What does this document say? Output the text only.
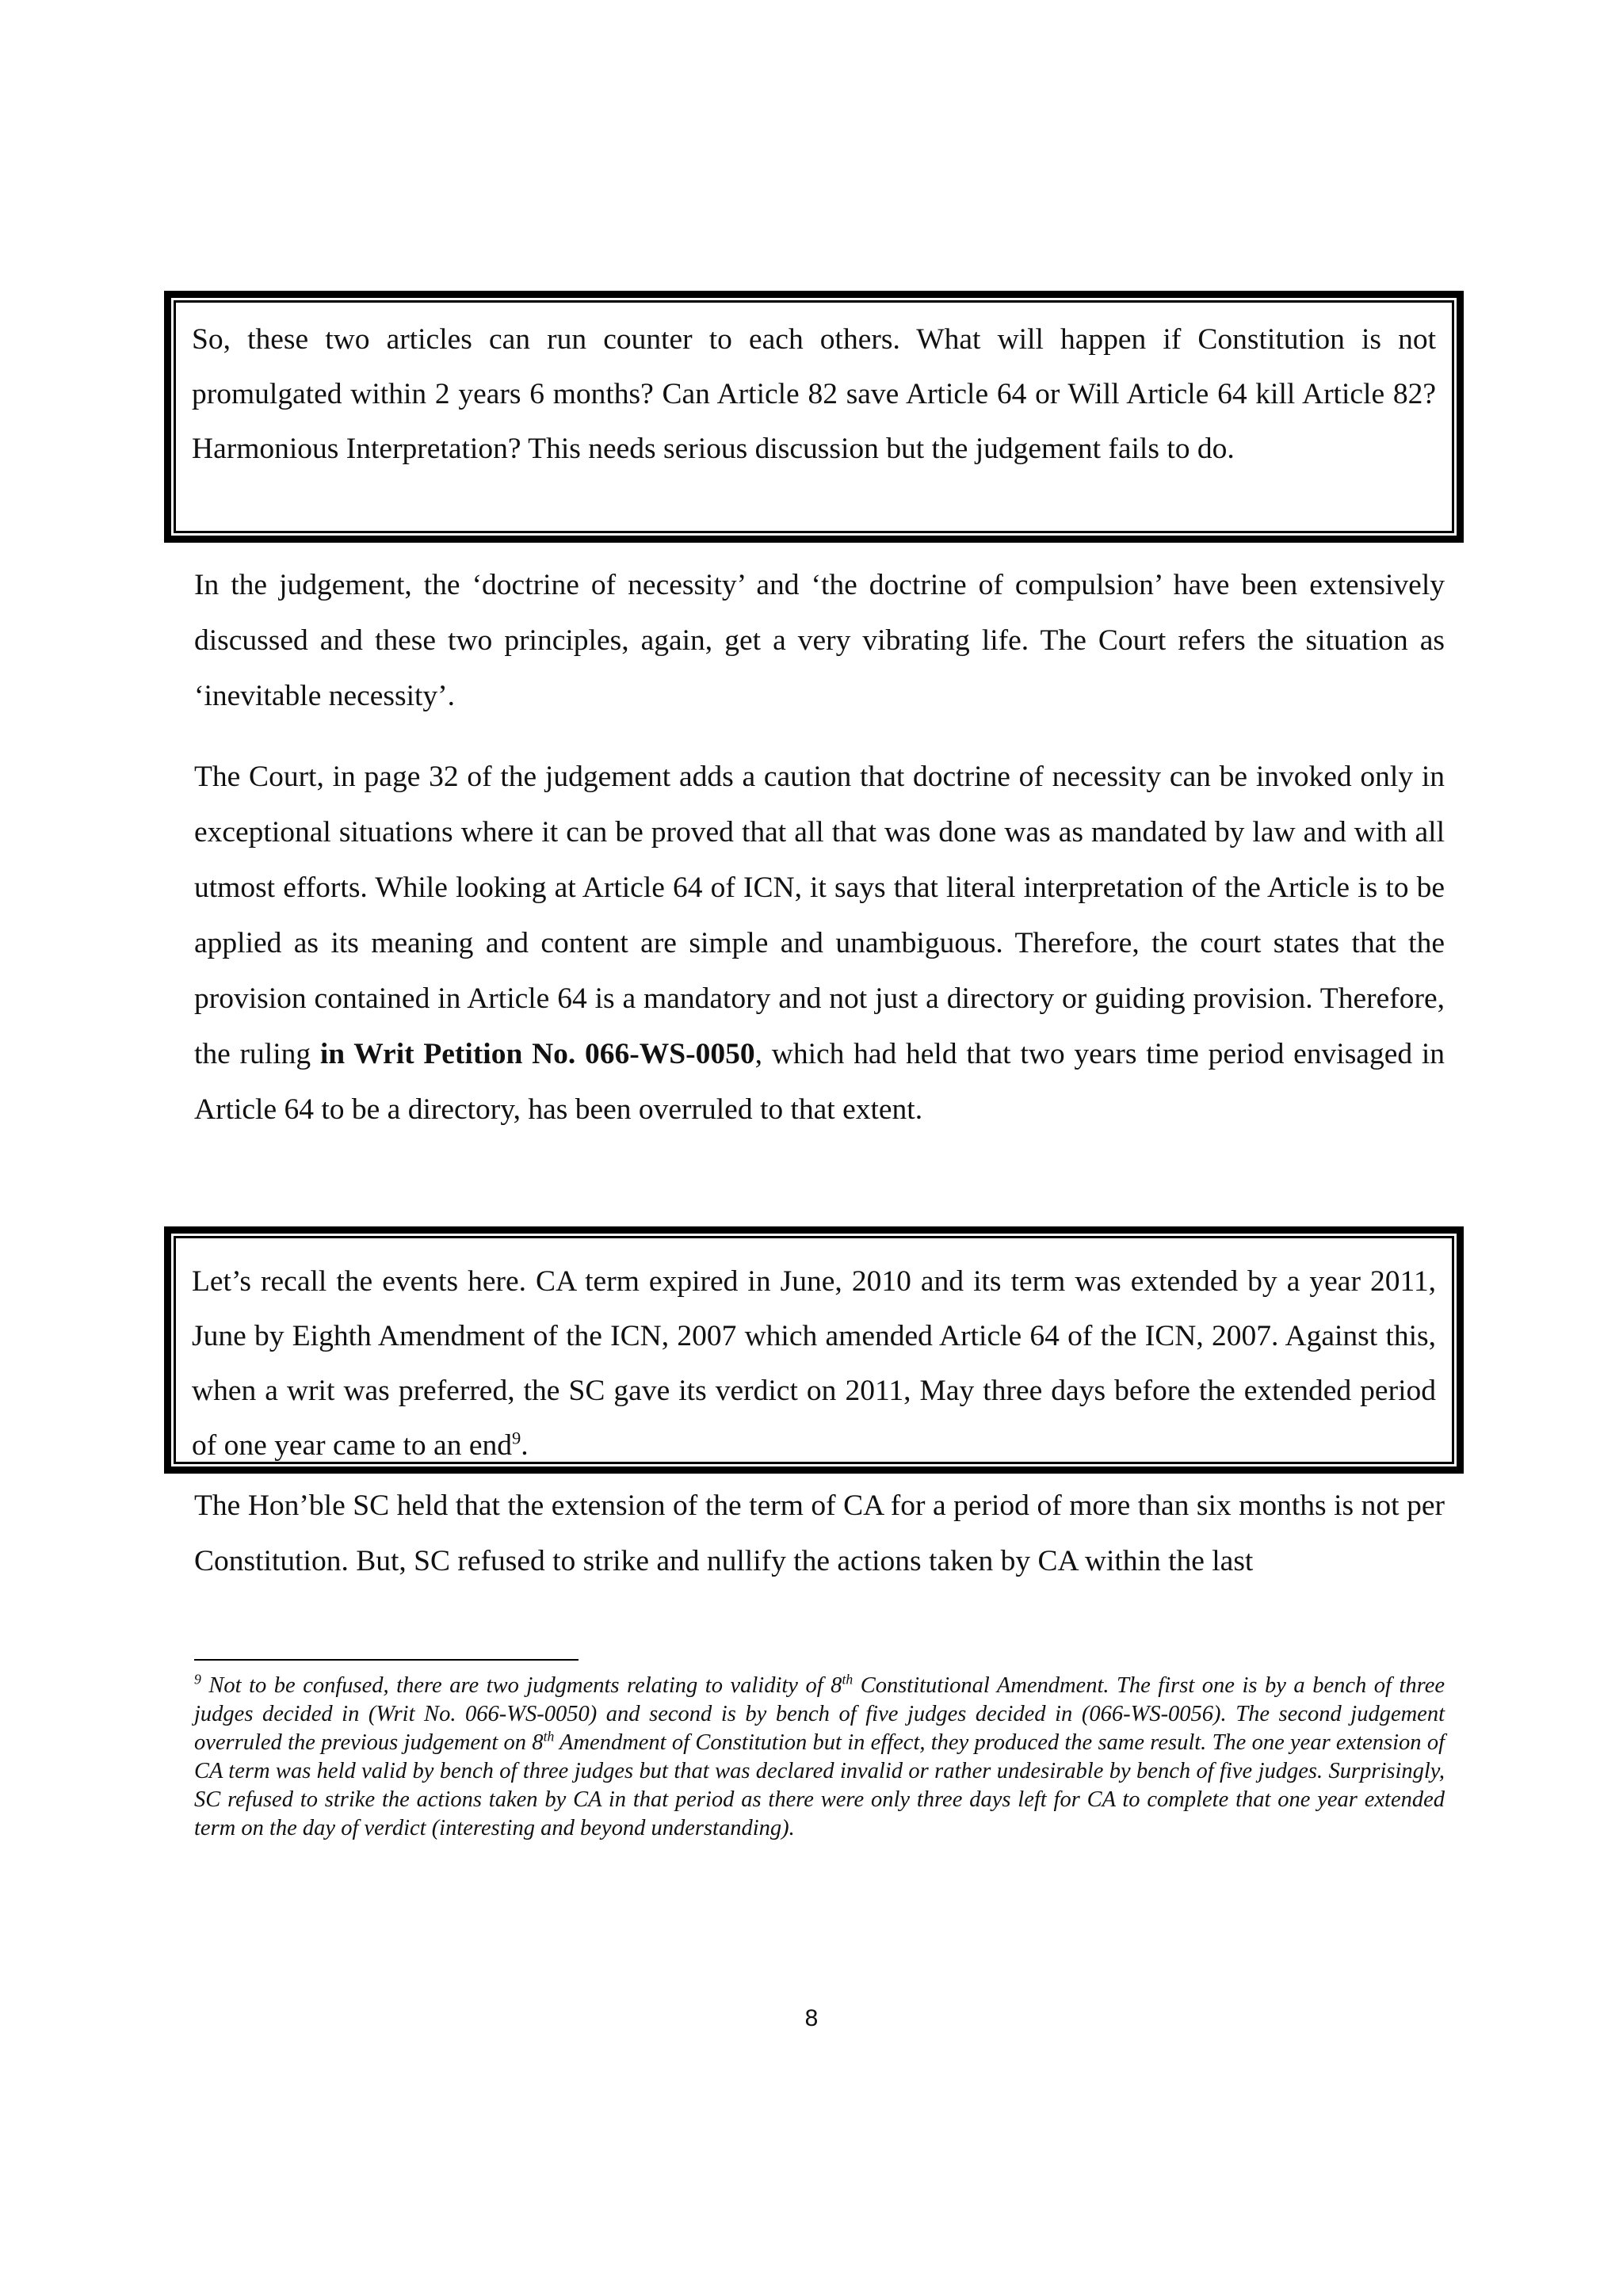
So, these two articles can run counter to each others. What will happen if Constitution is not promulgated within 2 years 6 months? Can Article 82 save Article 64 or Will Article 64 kill Article 82? Harmonious Interpretation? This needs serious discussion but the judgement fails to do.

In the judgement, the ‘doctrine of necessity’ and ‘the doctrine of compulsion’ have been extensively discussed and these two principles, again, get a very vibrating life. The Court refers the situation as ‘inevitable necessity’.

The Court, in page 32 of the judgement adds a caution that doctrine of necessity can be invoked only in exceptional situations where it can be proved that all that was done was as mandated by law and with all utmost efforts. While looking at Article 64 of ICN, it says that literal interpretation of the Article is to be applied as its meaning and content are simple and unambiguous. Therefore, the court states that the provision contained in Article 64 is a mandatory and not just a directory or guiding provision. Therefore, the ruling in Writ Petition No. 066-WS-0050, which had held that two years time period envisaged in Article 64 to be a directory, has been overruled to that extent.

Let’s recall the events here. CA term expired in June, 2010 and its term was extended by a year 2011, June by Eighth Amendment of the ICN, 2007 which amended Article 64 of the ICN, 2007. Against this, when a writ was preferred, the SC gave its verdict on 2011, May three days before the extended period of one year came to an end$^9$.

The Hon’ble SC held that the extension of the term of CA for a period of more than six months is not per Constitution. But, SC refused to strike and nullify the actions taken by CA within the last

$^9$ Not to be confused, there are two judgments relating to validity of 8th Constitutional Amendment. The first one is by a bench of three judges decided in (Writ No. 066-WS-0050) and second is by bench of five judges decided in (066-WS-0056). The second judgement overruled the previous judgement on 8th Amendment of Constitution but in effect, they produced the same result. The one year extension of CA term was held valid by bench of three judges but that was declared invalid or rather undesirable by bench of five judges. Surprisingly, SC refused to strike the actions taken by CA in that period as there were only three days left for CA to complete that one year extended term on the day of verdict (interesting and beyond understanding).

8
